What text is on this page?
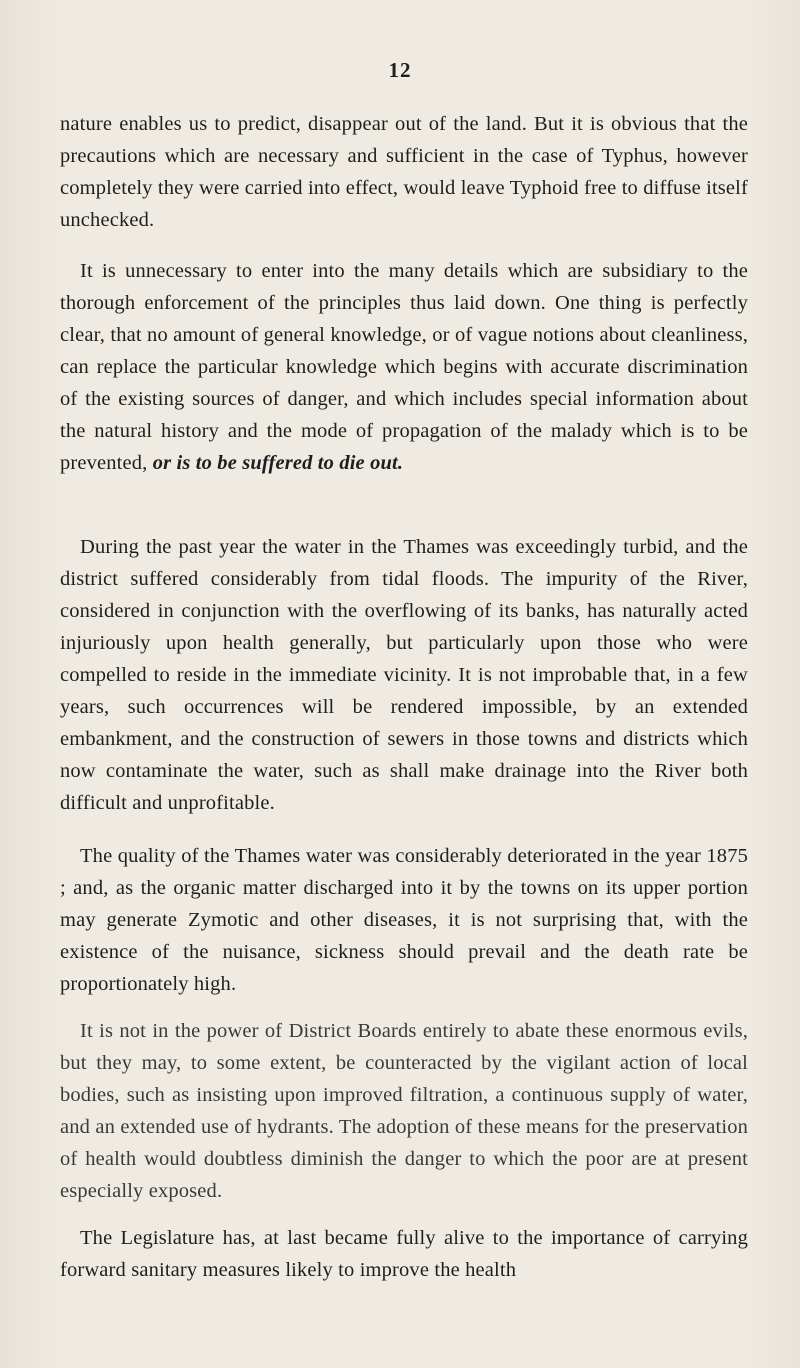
12

nature enables us to predict, disappear out of the land. But it is obvious that the precautions which are necessary and sufficient in the case of Typhus, however completely they were carried into effect, would leave Typhoid free to diffuse itself unchecked.

It is unnecessary to enter into the many details which are subsidiary to the thorough enforcement of the principles thus laid down. One thing is perfectly clear, that no amount of general knowledge, or of vague notions about cleanliness, can replace the particular knowledge which begins with accurate discrimination of the existing sources of danger, and which includes special information about the natural history and the mode of propagation of the malady which is to be prevented, or is to be suffered to die out.

During the past year the water in the Thames was exceedingly turbid, and the district suffered considerably from tidal floods. The impurity of the River, considered in conjunction with the overflowing of its banks, has naturally acted injuriously upon health generally, but particularly upon those who were compelled to reside in the immediate vicinity. It is not improbable that, in a few years, such occurrences will be rendered impossible, by an extended embankment, and the construction of sewers in those towns and districts which now contaminate the water, such as shall make drainage into the River both difficult and unprofitable.

The quality of the Thames water was considerably deteriorated in the year 1875 ; and, as the organic matter discharged into it by the towns on its upper portion may generate Zymotic and other diseases, it is not surprising that, with the existence of the nuisance, sickness should prevail and the death rate be proportionately high.

It is not in the power of District Boards entirely to abate these enormous evils, but they may, to some extent, be counteracted by the vigilant action of local bodies, such as insisting upon improved filtration, a continuous supply of water, and an extended use of hydrants. The adoption of these means for the preservation of health would doubtless diminish the danger to which the poor are at present especially exposed.

The Legislature has, at last became fully alive to the importance of carrying forward sanitary measures likely to improve the health
